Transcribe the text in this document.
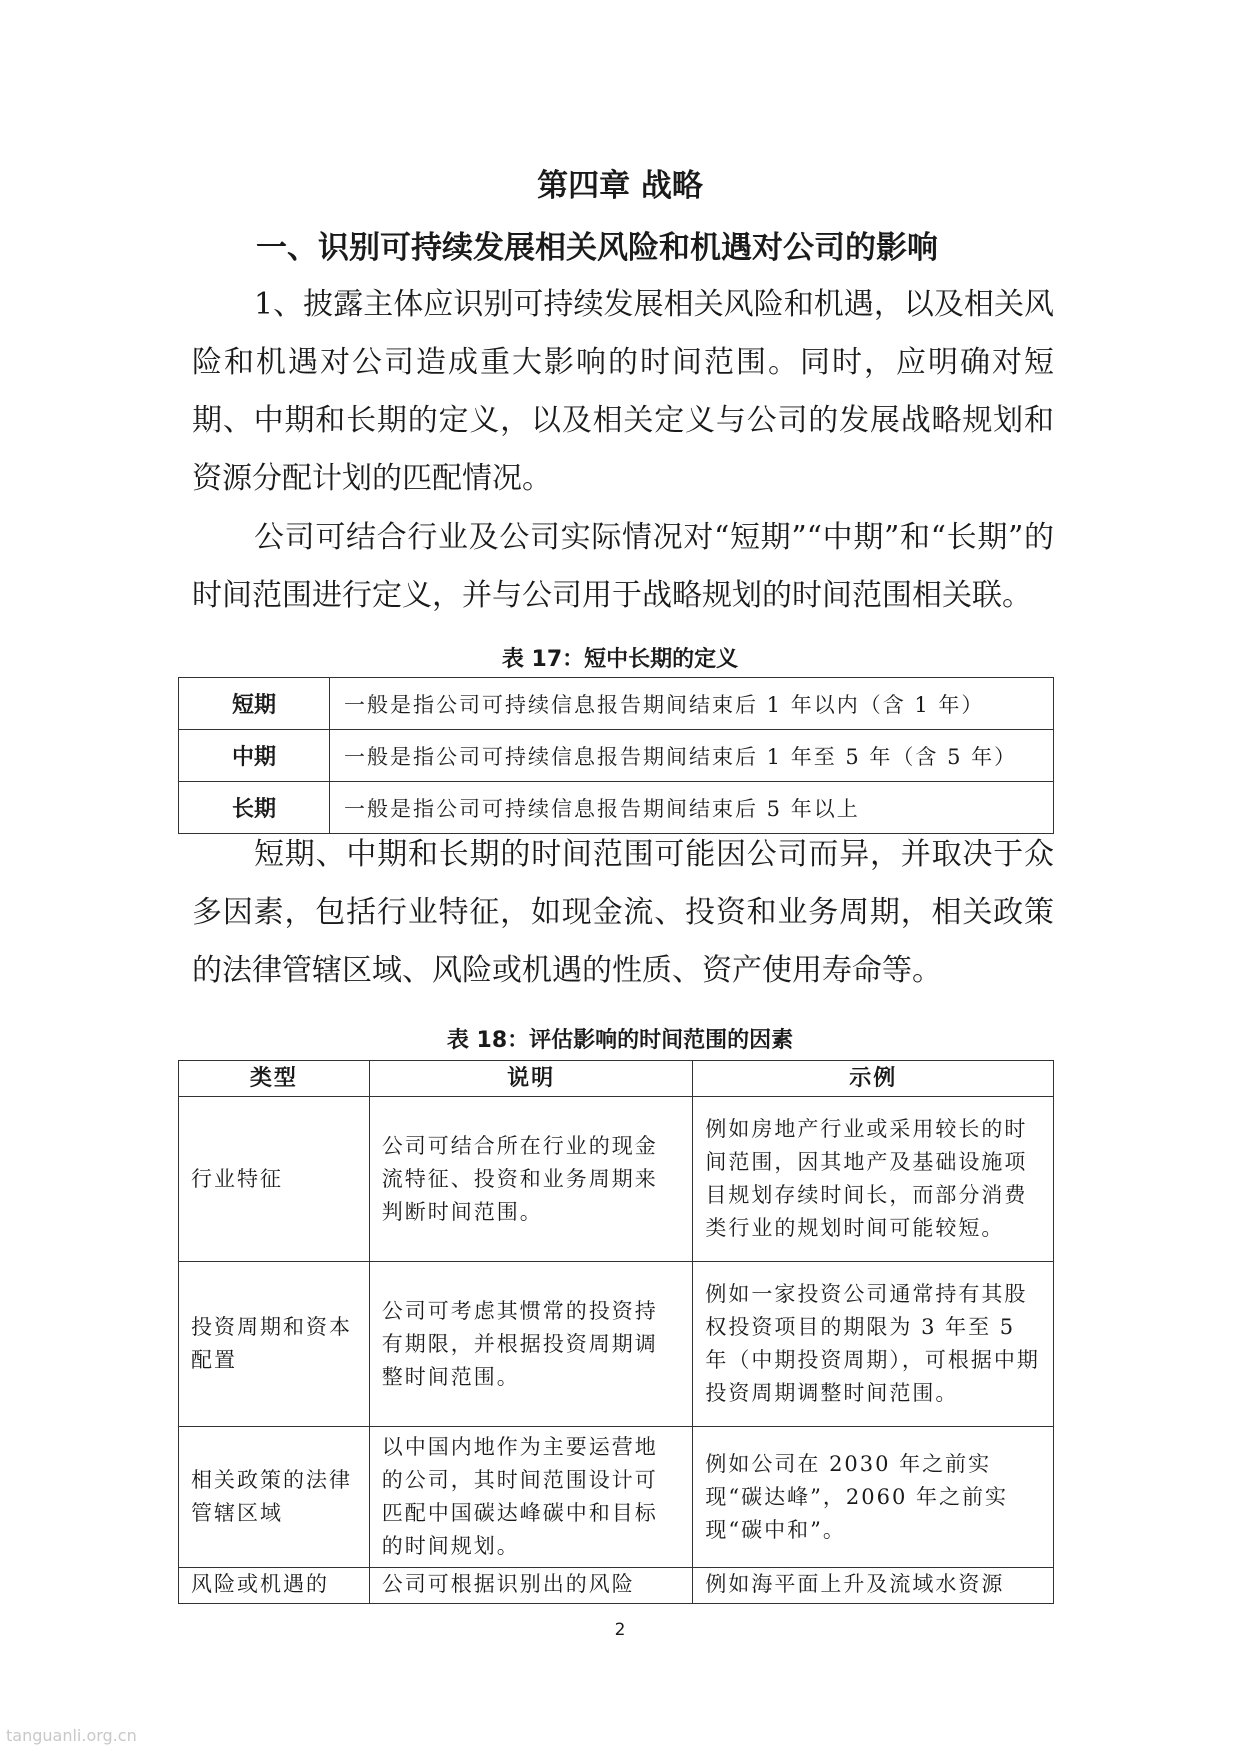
第四章 战略
一、识别可持续发展相关风险和机遇对公司的影响

1、披露主体应识别可持续发展相关风险和机遇，以及相关风险和机遇对公司造成重大影响的时间范围。同时，应明确对短期、中期和长期的定义，以及相关定义与公司的发展战略规划和资源分配计划的匹配情况。

公司可结合行业及公司实际情况对“短期”“中期”和“长期”的时间范围进行定义，并与公司用于战略规划的时间范围相关联。

表 17：短中长期的定义
短期	一般是指公司可持续信息报告期间结束后 1 年以内（含 1 年）
中期	一般是指公司可持续信息报告期间结束后 1 年至 5 年（含 5 年）
长期	一般是指公司可持续信息报告期间结束后 5 年以上

短期、中期和长期的时间范围可能因公司而异，并取决于众多因素，包括行业特征，如现金流、投资和业务周期，相关政策的法律管辖区域、风险或机遇的性质、资产使用寿命等。

表 18：评估影响的时间范围的因素
类型	说明	示例
行业特征	公司可结合所在行业的现金流特征、投资和业务周期来判断时间范围。	例如房地产行业或采用较长的时间范围，因其地产及基础设施项目规划存续时间长，而部分消费类行业的规划时间可能较短。
投资周期和资本配置	公司可考虑其惯常的投资持有期限，并根据投资周期调整时间范围。	例如一家投资公司通常持有其股权投资项目的期限为 3 年至 5 年（中期投资周期），可根据中期投资周期调整时间范围。
相关政策的法律管辖区域	以中国内地作为主要运营地的公司，其时间范围设计可匹配中国碳达峰碳中和目标的时间规划。	例如公司在 2030 年之前实现“碳达峰”，2060 年之前实现“碳中和”。
风险或机遇的	公司可根据识别出的风险	例如海平面上升及流域水资源
2
tanguanli.org.cn
